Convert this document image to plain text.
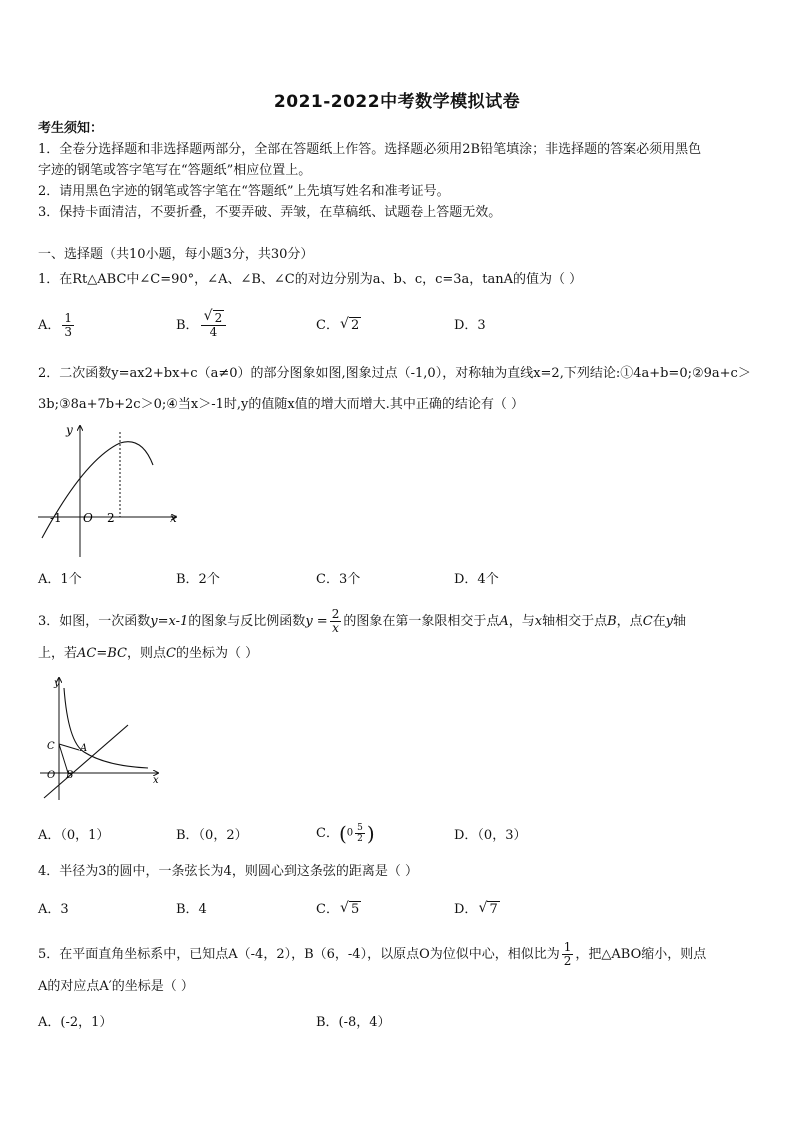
2021-2022中考数学模拟试卷
考生须知：
1．全卷分选择题和非选择题两部分，全部在答题纸上作答。选择题必须用2B铅笔填涂；非选择题的答案必须用黑色
字迹的钢笔或答字笔写在“答题纸”相应位置上。
2．请用黑色字迹的钢笔或答字笔在“答题纸”上先填写姓名和准考证号。
3．保持卡面清洁，不要折叠，不要弄破、弄皱，在草稿纸、试题卷上答题无效。
一、选择题（共10小题，每小题3分，共30分）
1．在Rt△ABC中∠C=90°，∠A、∠B、∠C的对边分别为a、b、c，c=3a，tanA的值为（ ）
A． $\frac{1}{3}$	B． $\frac{√ 2}{4}$	C． √ 2	D．3
2．二次函数y=ax2+bx+c（a≠0）的部分图象如图,图象过点（-1,0），对称轴为直线x=2,下列结论:①4a+b=0;②9a+c＞
3b;③8a+7b+2c＞0;④当x＞-1时,y的值随x值的增大而增大.其中正确的结论有（ ）
y
x
-1 O 2
A．1个	B．2个	C．3个	D．4个
3．如图，一次函数y=x-1的图象与反比例函数$y = \frac{2}{x}$ 的图象在第一象限相交于点A，与x轴相交于点B，点C在y轴
上，若AC=BC，则点C的坐标为（ ）
y
x
O B
C	A
A．（0，1）	B．（0，2）	C．($0 \frac{5}{2}$ )	D．（0，3）
4．半径为3的圆中，一条弦长为4，则圆心到这条弦的距离是（ ）
A．3	B．4	C． √ 5	D． √ 7
5．在平面直角坐标系中，已知点A（-4，2），B（6，-4），以原点O为位似中心，相似比为 $\frac{1}{2}$ ，把△ABO缩小，则点
A的对应点A′的坐标是（ ）
A．(-2，1）	B．(-8，4）
